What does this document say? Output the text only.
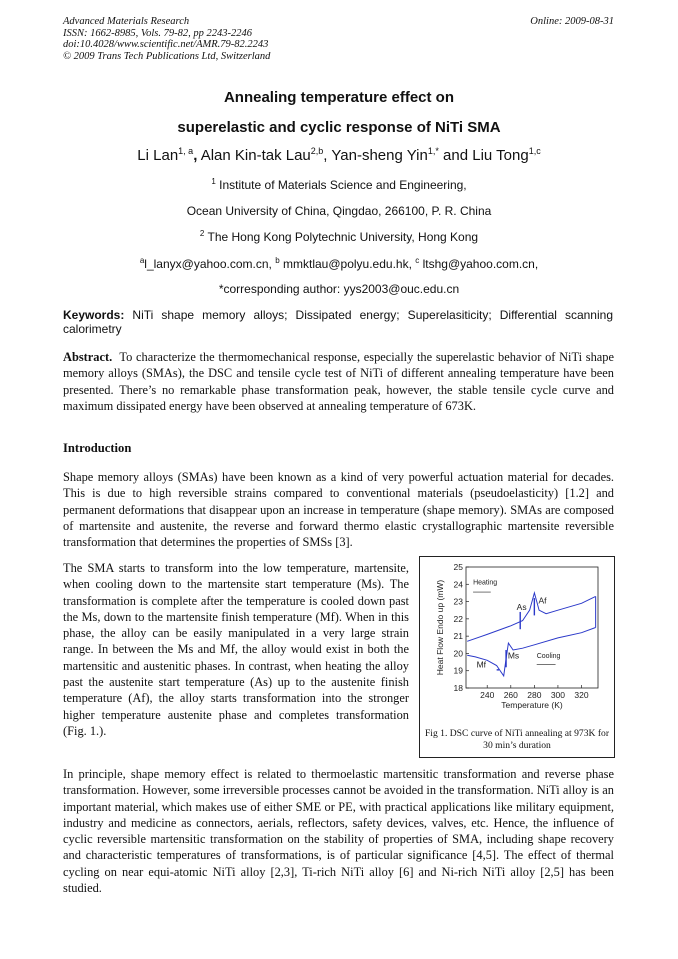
Advanced Materials Research
ISSN: 1662-8985, Vols. 79-82, pp 2243-2246
doi:10.4028/www.scientific.net/AMR.79-82.2243
© 2009 Trans Tech Publications Ltd, Switzerland
Online: 2009-08-31
Annealing temperature effect on
superelastic and cyclic response of NiTi SMA
Li Lan$^{1, a}$, Alan Kin-tak Lau$^{2,b}$, Yan-sheng Yin$^{1,*}$ and Liu Tong$^{1,c}$
$^1$ Institute of Materials Science and Engineering,
Ocean University of China, Qingdao, 266100, P. R. China
$^2$ The Hong Kong Polytechnic University, Hong Kong
$^a$l_lanyx@yahoo.com.cn, $^b$ mmktlau@polyu.edu.hk, $^c$ ltshg@yahoo.com.cn,
*corresponding author: yys2003@ouc.edu.cn
Keywords: NiTi shape memory alloys; Dissipated energy; Superelasiticity; Differential scanning calorimetry
Abstract. To characterize the thermomechanical response, especially the superelastic behavior of NiTi shape memory alloys (SMAs), the DSC and tensile cycle test of NiTi of different annealing temperature have been presented. There’s no remarkable phase transformation peak, however, the stable tensile cycle curve and maximum dissipated energy have been observed at annealing temperature of 673K.
Introduction
Shape memory alloys (SMAs) have been known as a kind of very powerful actuation material for decades. This is due to high reversible strains compared to conventional materials (pseudoelasticity) [1.2] and permanent deformations that disappear upon an increase in temperature (shape memory). SMAs are composed of martensite and austenite, the reverse and forward thermo elastic crystallographic martensite reversible transformation that determines the properties of SMSs [3].
The SMA starts to transform into the low temperature, martensite, when cooling down to the martensite start temperature (Ms). The transformation is complete after the temperature is cooled down past the Ms, down to the martensite finish temperature (Mf). When in this phase, the alloy can be easily manipulated in a very large strain range. In between the Ms and Mf, the alloy would exist in both the martensitic and austenitic phases. In contrast, when heating the alloy past the austenite start temperature (As) up to the austenite finish temperature (Af), the alloy starts transformation into the stronger higher temperature austenite phase and completes transformation (Fig. 1.).
In principle, shape memory effect is related to thermoelastic martensitic transformation and reverse phase transformation. However, some irreversible processes cannot be avoided in the transformation. NiTi alloy is an important material, which makes use of either SME or PE, with practical applications like military equipment, industry and medicine as connectors, aerials, reflectors, safety devices, valves, etc. Hence, the influence of cyclic reversible martensitic transformation on the stability of properties of SMA, including shape recovery and characteristic temperatures of transformations, is of particular significance [4,5]. The effect of thermal cycling on near equi-atomic NiTi alloy [2,3], Ti-rich NiTi alloy [6] and Ni-rich NiTi alloy [2,5] has been studied.
18
19
20
21
22
23
24
25
240 260 280 300 320
Temperature (K)
Heat Flow Endo up (mW)	Heating
As
Af
Mf
Ms	Cooling
Fig 1. DSC curve of NiTi annealing at 973K for 30 min’s duration
